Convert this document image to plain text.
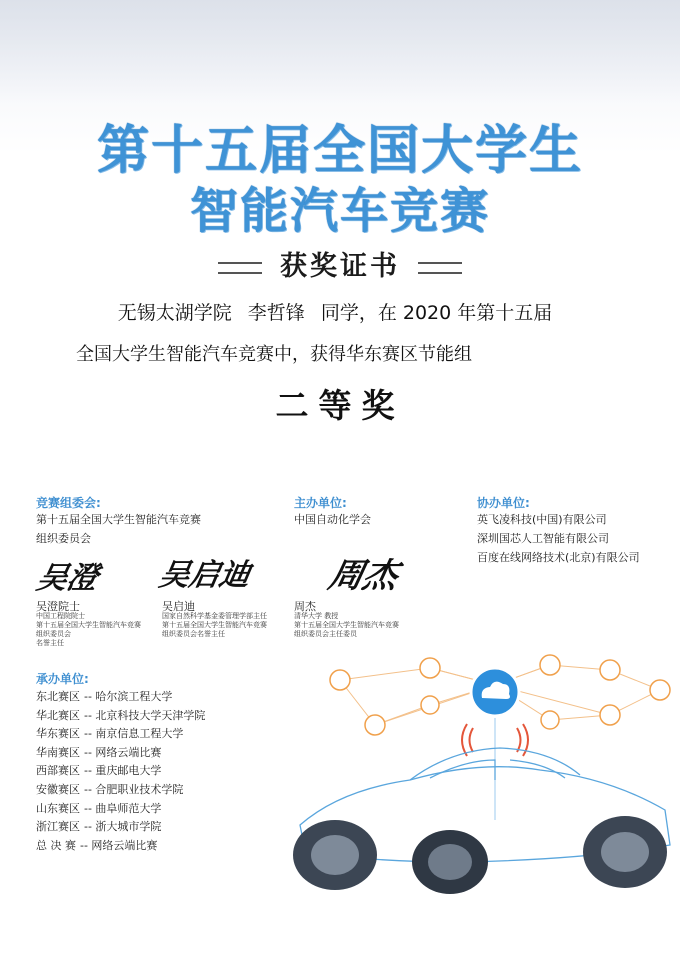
第十五届全国大学生
智能汽车竞赛
获奖证书
无锡太湖学院 李哲锋 同学，在 2020 年第十五届
全国大学生智能汽车竞赛中，获得华东赛区节能组
二等奖
竞赛组委会:
第十五届全国大学生智能汽车竞赛
组织委员会
主办单位:
中国自动化学会
协办单位:
英飞凌科技(中国)有限公司
深圳国芯人工智能有限公司
百度在线网络技术(北京)有限公司
吴澄 吴启迪 周杰
吴澄院士
中国工程院院士
第十五届全国大学生智能汽车竞赛
组织委员会
名誉主任
吴启迪
国家自然科学基金委管理学部主任
第十五届全国大学生智能汽车竞赛
组织委员会名誉主任
周杰
清华大学 教授
第十五届全国大学生智能汽车竞赛
组织委员会主任委员
承办单位:
东北赛区 -- 哈尔滨工程大学
华北赛区 -- 北京科技大学天津学院
华东赛区 -- 南京信息工程大学
华南赛区 -- 网络云端比赛
西部赛区 -- 重庆邮电大学
安徽赛区 -- 合肥职业技术学院
山东赛区 -- 曲阜师范大学
浙江赛区 -- 浙大城市学院
总 决 赛 -- 网络云端比赛
